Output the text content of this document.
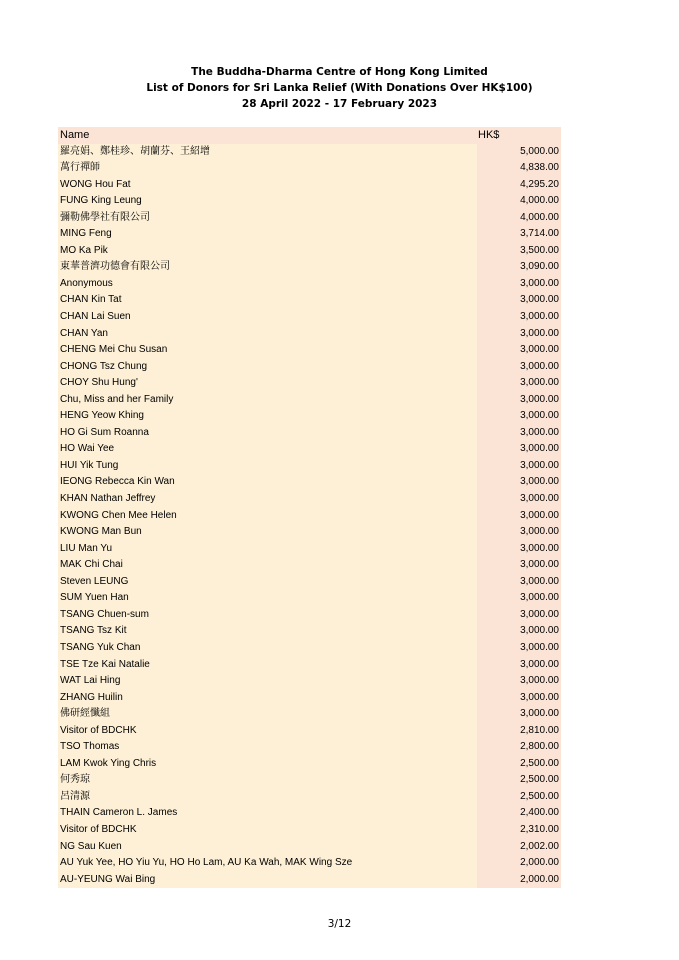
The Buddha-Dharma Centre of Hong Kong Limited
List of Donors for Sri Lanka Relief (With Donations Over HK$100)
28 April 2022 - 17 February 2023
Name	HK$
羅亮娟、鄭桂珍、胡蘭芬、王紹增	5,000.00
萬行禪師	4,838.00
WONG Hou Fat	4,295.20
FUNG King Leung	4,000.00
彌勒佛學社有限公司	4,000.00
MING Feng	3,714.00
MO Ka Pik	3,500.00
東華普濟功德會有限公司	3,090.00
Anonymous	3,000.00
CHAN Kin Tat	3,000.00
CHAN Lai Suen	3,000.00
CHAN Yan	3,000.00
CHENG Mei Chu Susan	3,000.00
CHONG Tsz Chung	3,000.00
CHOY Shu Hung'	3,000.00
Chu, Miss and her Family	3,000.00
HENG Yeow Khing	3,000.00
HO Gi Sum Roanna	3,000.00
HO Wai Yee	3,000.00
HUI Yik Tung	3,000.00
IEONG Rebecca Kin Wan	3,000.00
KHAN Nathan Jeffrey	3,000.00
KWONG Chen Mee Helen	3,000.00
KWONG Man Bun	3,000.00
LIU Man Yu	3,000.00
MAK Chi Chai	3,000.00
Steven LEUNG	3,000.00
SUM Yuen Han	3,000.00
TSANG Chuen-sum	3,000.00
TSANG Tsz Kit	3,000.00
TSANG Yuk Chan	3,000.00
TSE Tze Kai Natalie	3,000.00
WAT Lai Hing	3,000.00
ZHANG Huilin	3,000.00
佛研經懺組	3,000.00
Visitor of BDCHK	2,810.00
TSO Thomas	2,800.00
LAM Kwok Ying Chris	2,500.00
何秀琼	2,500.00
呂清源	2,500.00
THAIN Cameron L. James	2,400.00
Visitor of BDCHK	2,310.00
NG Sau Kuen	2,002.00
AU Yuk Yee, HO Yiu Yu, HO Ho Lam, AU Ka Wah, MAK Wing Sze	2,000.00
AU-YEUNG Wai Bing	2,000.00
3/12
